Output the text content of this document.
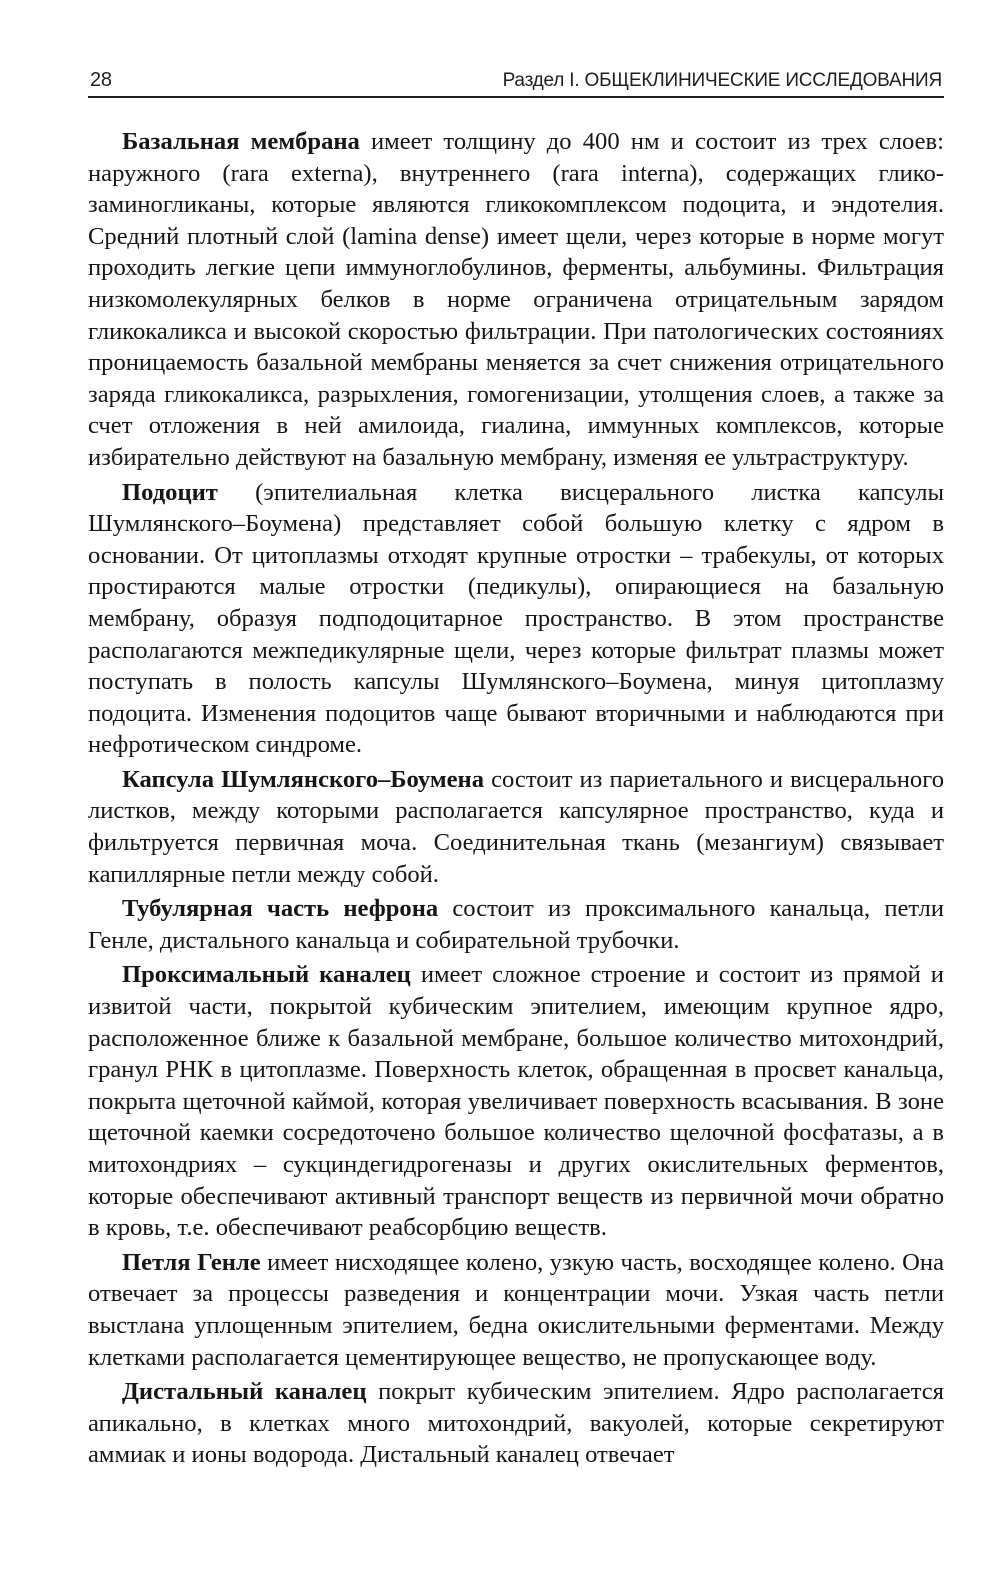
28	Раздел I. ОБЩЕКЛИНИЧЕСКИЕ ИССЛЕДОВАНИЯ

Базальная мембрана имеет толщину до 400 нм и состоит из трех слоев: наружного (rara externa), внутреннего (rara interna), содержащих гликозаминогликаны, которые являются гликокомплексом подоцита, и эндотелия. Средний плотный слой (lamina dense) имеет щели, через которые в норме могут проходить легкие цепи иммуноглобулинов, ферменты, альбумины. Фильтрация низкомолекулярных белков в норме ограничена отрицательным зарядом гликокаликса и высокой скоростью фильтрации. При патологических состояниях проницаемость базальной мембраны меняется за счет снижения отрицательного заряда гликокаликса, разрыхления, гомогенизации, утолщения слоев, а также за счет отложения в ней амилоида, гиалина, иммунных комплексов, которые избирательно действуют на базальную мембрану, изменяя ее ультраструктуру.

Подоцит (эпителиальная клетка висцерального листка капсулы Шумлянского–Боумена) представляет собой большую клетку с ядром в основании. От цитоплазмы отходят крупные отростки – трабекулы, от которых простираются малые отростки (педикулы), опирающиеся на базальную мембрану, образуя подподоцитарное пространство. В этом пространстве располагаются межпедикулярные щели, через которые фильтрат плазмы может поступать в полость капсулы Шумлянского–Боумена, минуя цитоплазму подоцита. Изменения подоцитов чаще бывают вторичными и наблюдаются при нефротическом синдроме.

Капсула Шумлянского–Боумена состоит из париетального и висцерального листков, между которыми располагается капсулярное пространство, куда и фильтруется первичная моча. Соединительная ткань (мезангиум) связывает капиллярные петли между собой.

Тубулярная часть нефрона состоит из проксимального канальца, петли Генле, дистального канальца и собирательной трубочки.

Проксимальный каналец имеет сложное строение и состоит из прямой и извитой части, покрытой кубическим эпителием, имеющим крупное ядро, расположенное ближе к базальной мембране, большое количество митохондрий, гранул РНК в цитоплазме. Поверхность клеток, обращенная в просвет канальца, покрыта щеточной каймой, которая увеличивает поверхность всасывания. В зоне щеточной каемки сосредоточено большое количество щелочной фосфатазы, а в митохондриях – сукциндегидрогеназы и других окислительных ферментов, которые обеспечивают активный транспорт веществ из первичной мочи обратно в кровь, т.е. обеспечивают реабсорбцию веществ.

Петля Генле имеет нисходящее колено, узкую часть, восходящее колено. Она отвечает за процессы разведения и концентрации мочи. Узкая часть петли выстлана уплощенным эпителием, бедна окислительными ферментами. Между клетками располагается цементирующее вещество, не пропускающее воду.

Дистальный каналец покрыт кубическим эпителием. Ядро располагается апикально, в клетках много митохондрий, вакуолей, которые секретируют аммиак и ионы водорода. Дистальный каналец отвечает
